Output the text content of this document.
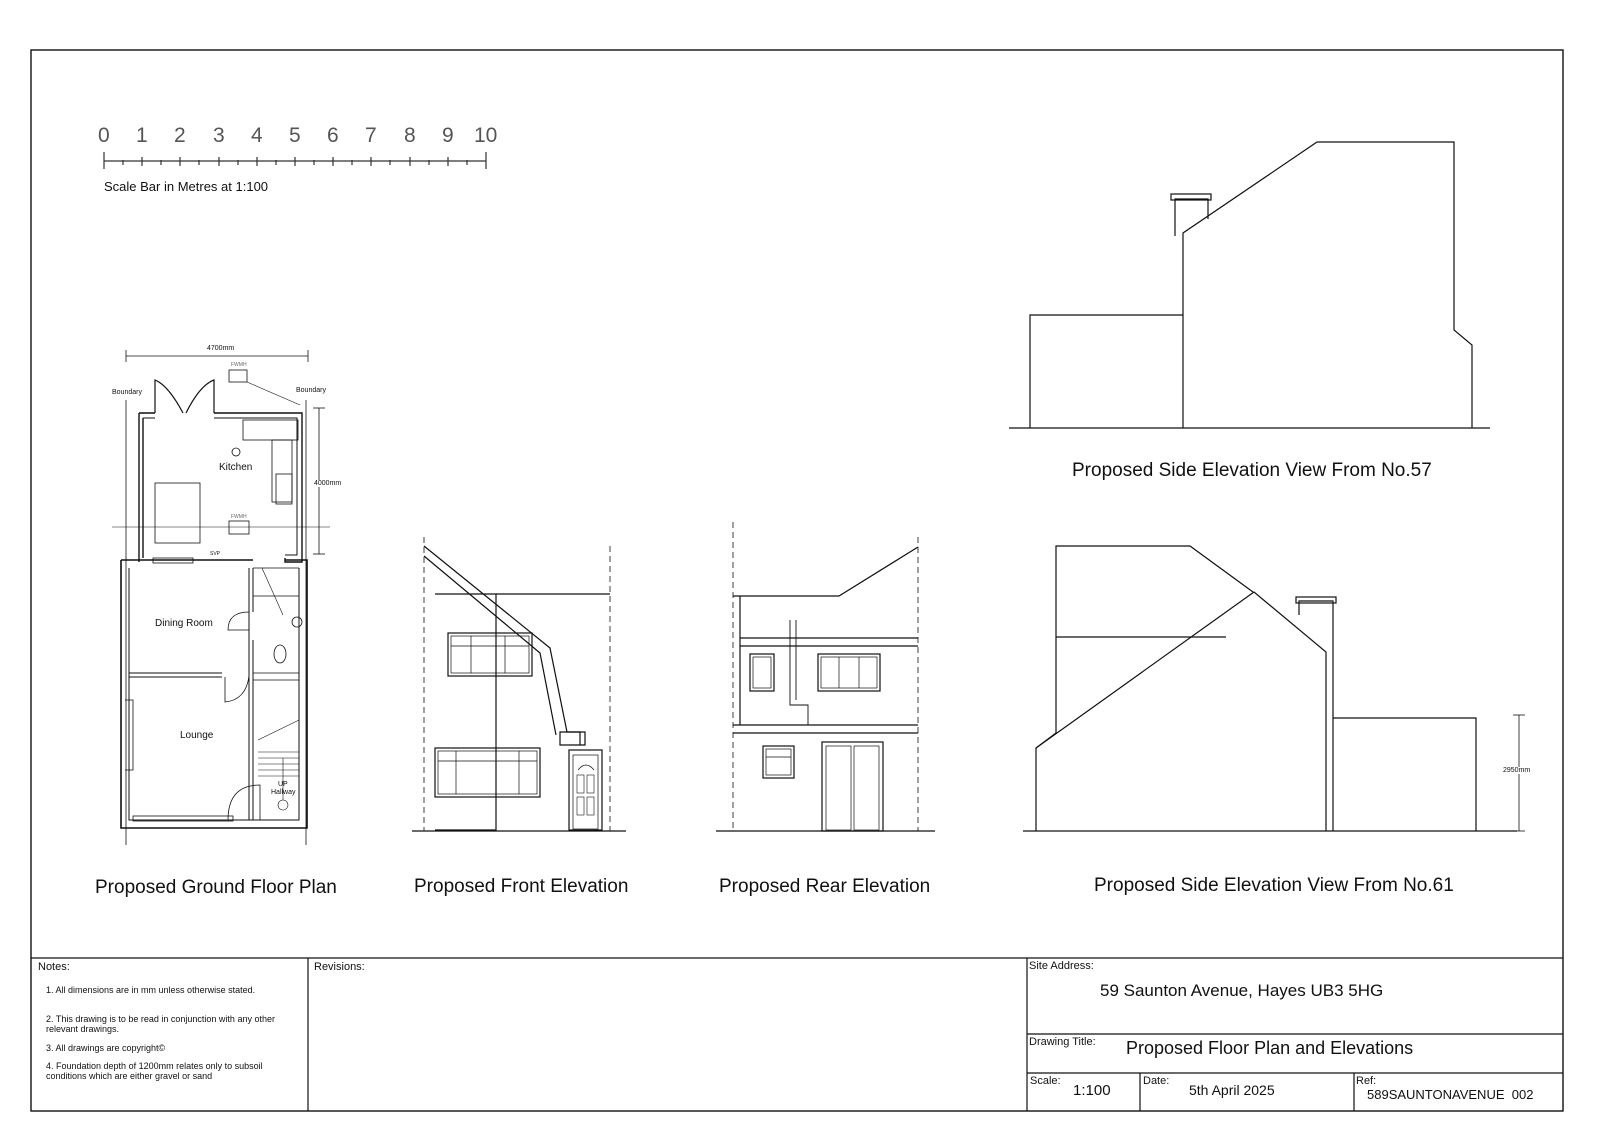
0 1 2 3 4 5 6 7 8 9 10
Scale Bar in Metres at 1:100
4700mm
4000mm
Boundary	Boundary
FWMH
FWMH
SVP
Kitchen
Dining Room
Lounge
UP
Hallway
Proposed Ground Floor Plan	Proposed Front Elevation	Proposed Rear Elevation
Proposed Side Elevation View From No.57
Proposed Side Elevation View From No.61
2950mm
Notes:
1. All dimensions are in mm unless otherwise stated.
2. This drawing is to be read in conjunction with any other relevant drawings.
3. All drawings are copyright©
4. Foundation depth of 1200mm relates only to subsoil conditions which are either gravel or sand
Revisions:	Site Address:
59 Saunton Avenue, Hayes UB3 5HG
Drawing Title: Proposed Floor Plan and Elevations
Scale:
1:100
Date:
5th April 2025
Ref:
589SAUNTONAVENUE  002
